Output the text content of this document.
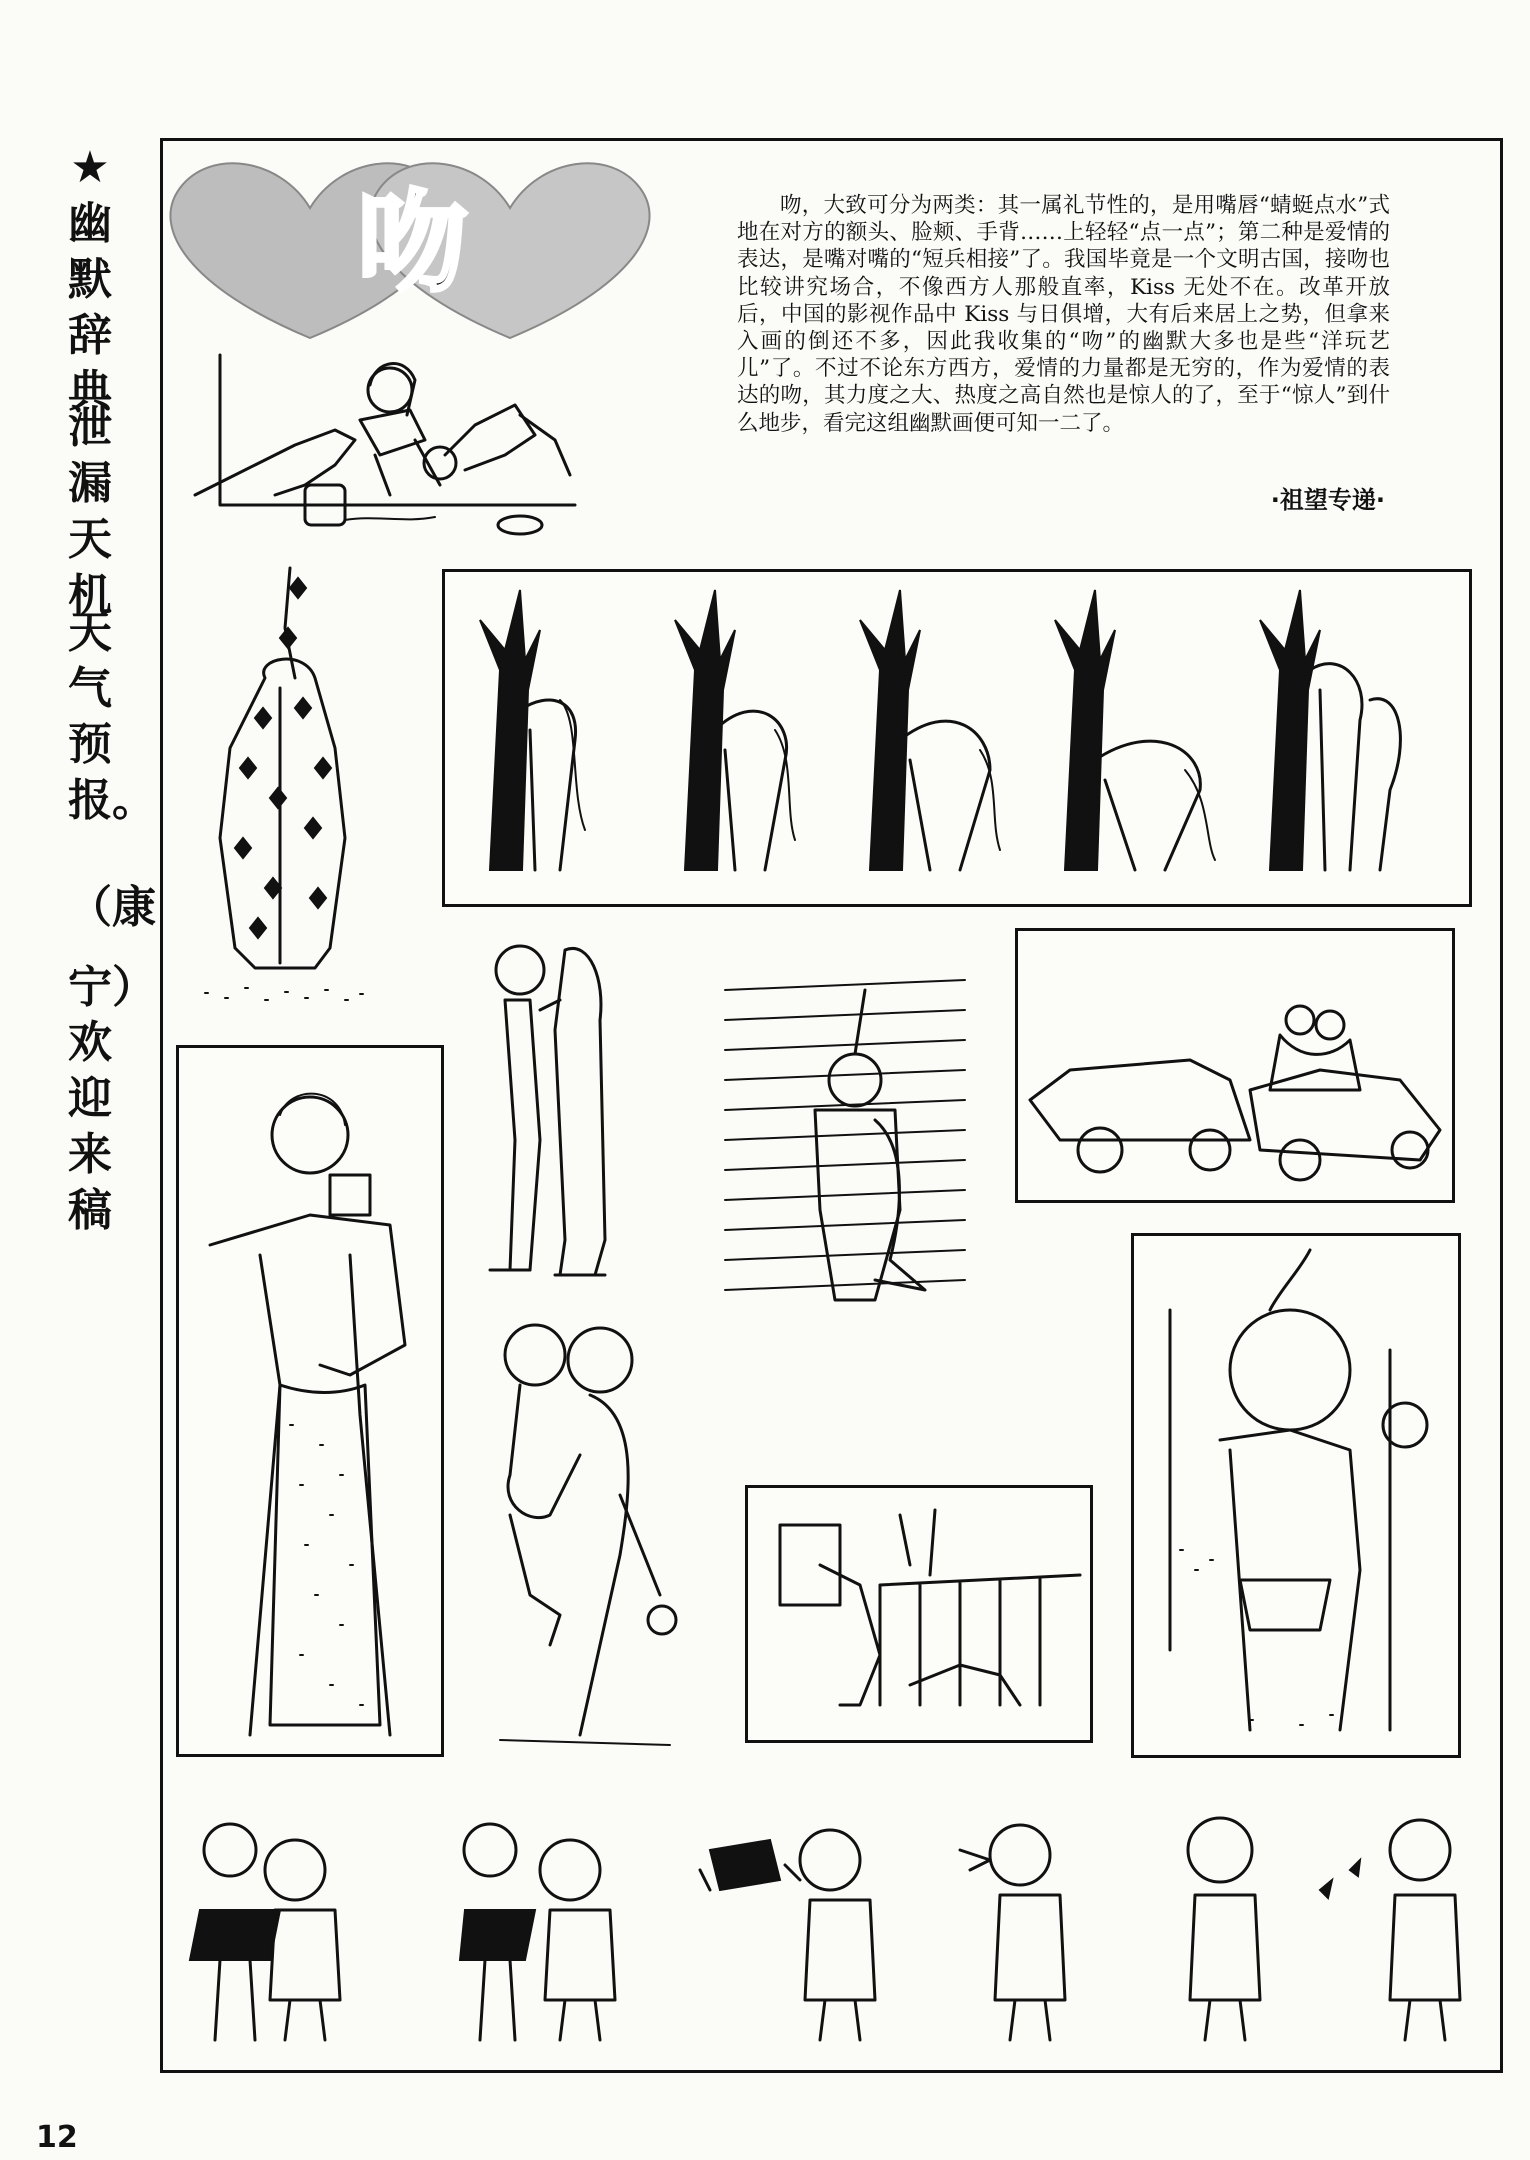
★
幽默辞典
泄漏天机
天气预报。
（康
宁）
欢迎来稿
吻	吻，大致可分为两类：其一属礼节性的，是用嘴唇“蜻蜓点水”式地在对方的额头、脸颊、手背……上轻轻“点一点”；第二种是爱情的表达，是嘴对嘴的“短兵相接”了。我国毕竟是一个文明古国，接吻也比较讲究场合，不像西方人那般直率，Kiss 无处不在。改革开放后，中国的影视作品中 Kiss 与日俱增，大有后来居上之势，但拿来入画的倒还不多，因此我收集的“吻”的幽默大多也是些“洋玩艺儿”了。不过不论东方西方，爱情的力量都是无穷的，作为爱情的表达的吻，其力度之大、热度之高自然也是惊人的了，至于“惊人”到什么地步，看完这组幽默画便可知一二了。

·祖望专递·
12
